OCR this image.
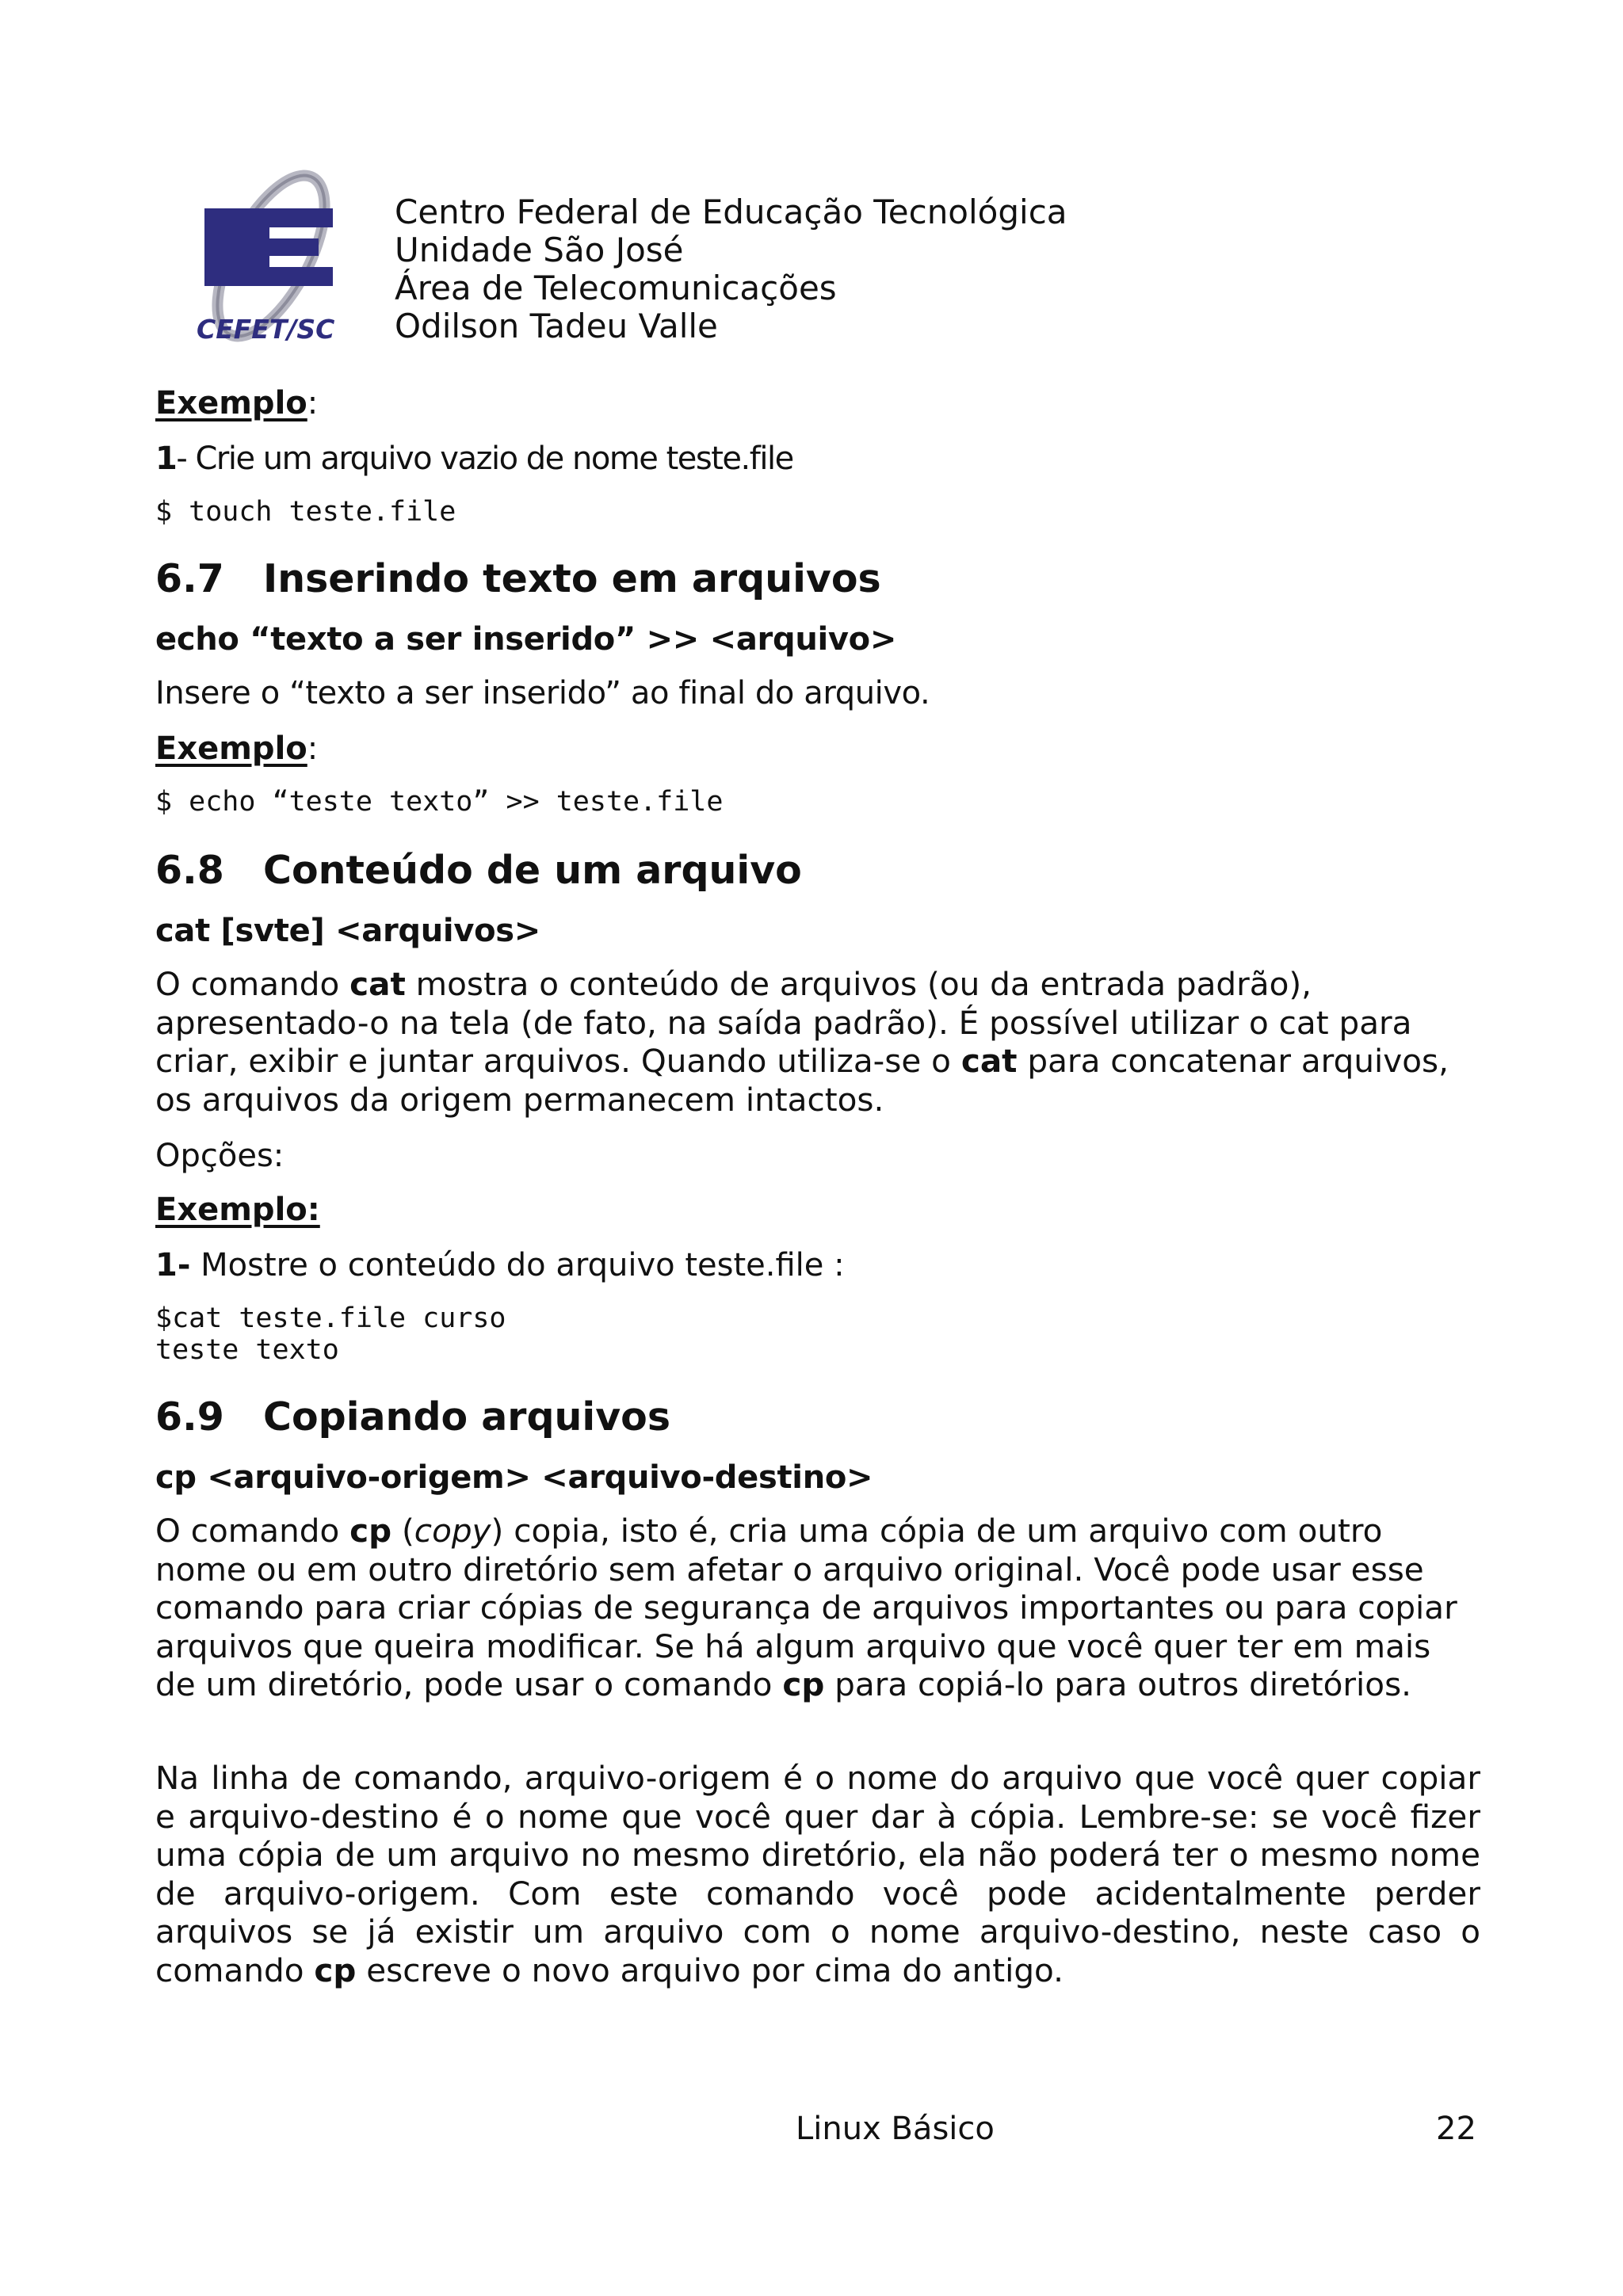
CEFET/SC
Centro Federal de Educação Tecnológica
Unidade São José
Área de Telecomunicações
Odilson Tadeu Valle
Exemplo:
1- Crie um arquivo vazio de nome teste.file
$ touch teste.file
6.7 Inserindo texto em arquivos
echo “texto a ser inserido” >> <arquivo>
Insere o “texto a ser inserido” ao final do arquivo.
Exemplo:
$ echo “teste texto” >> teste.file
6.8 Conteúdo de um arquivo
cat [svte] <arquivos>
O comando cat mostra o conteúdo de arquivos (ou da entrada padrão), apresentado-o na tela (de fato, na saída padrão). É possível utilizar o cat para criar, exibir e juntar arquivos. Quando utiliza-se o cat para concatenar arquivos, os arquivos da origem permanecem intactos.
Opções:
Exemplo:
1- Mostre o conteúdo do arquivo teste.file :
$cat teste.file curso
teste texto
6.9 Copiando arquivos
cp <arquivo-origem> <arquivo-destino>
O comando cp (copy) copia, isto é, cria uma cópia de um arquivo com outro nome ou em outro diretório sem afetar o arquivo original. Você pode usar esse comando para criar cópias de segurança de arquivos importantes ou para copiar arquivos que queira modificar. Se há algum arquivo que você quer ter em mais de um diretório, pode usar o comando cp para copiá-lo para outros diretórios.
Na linha de comando, arquivo-origem é o nome do arquivo que você quer copiar e arquivo-destino é o nome que você quer dar à cópia. Lembre-se: se você fizer uma cópia de um arquivo no mesmo diretório, ela não poderá ter o mesmo nome de arquivo-origem. Com este comando você pode acidentalmente perder arquivos se já existir um arquivo com o nome arquivo-destino, neste caso o comando cp escreve o novo arquivo por cima do antigo.
Linux Básico	22
